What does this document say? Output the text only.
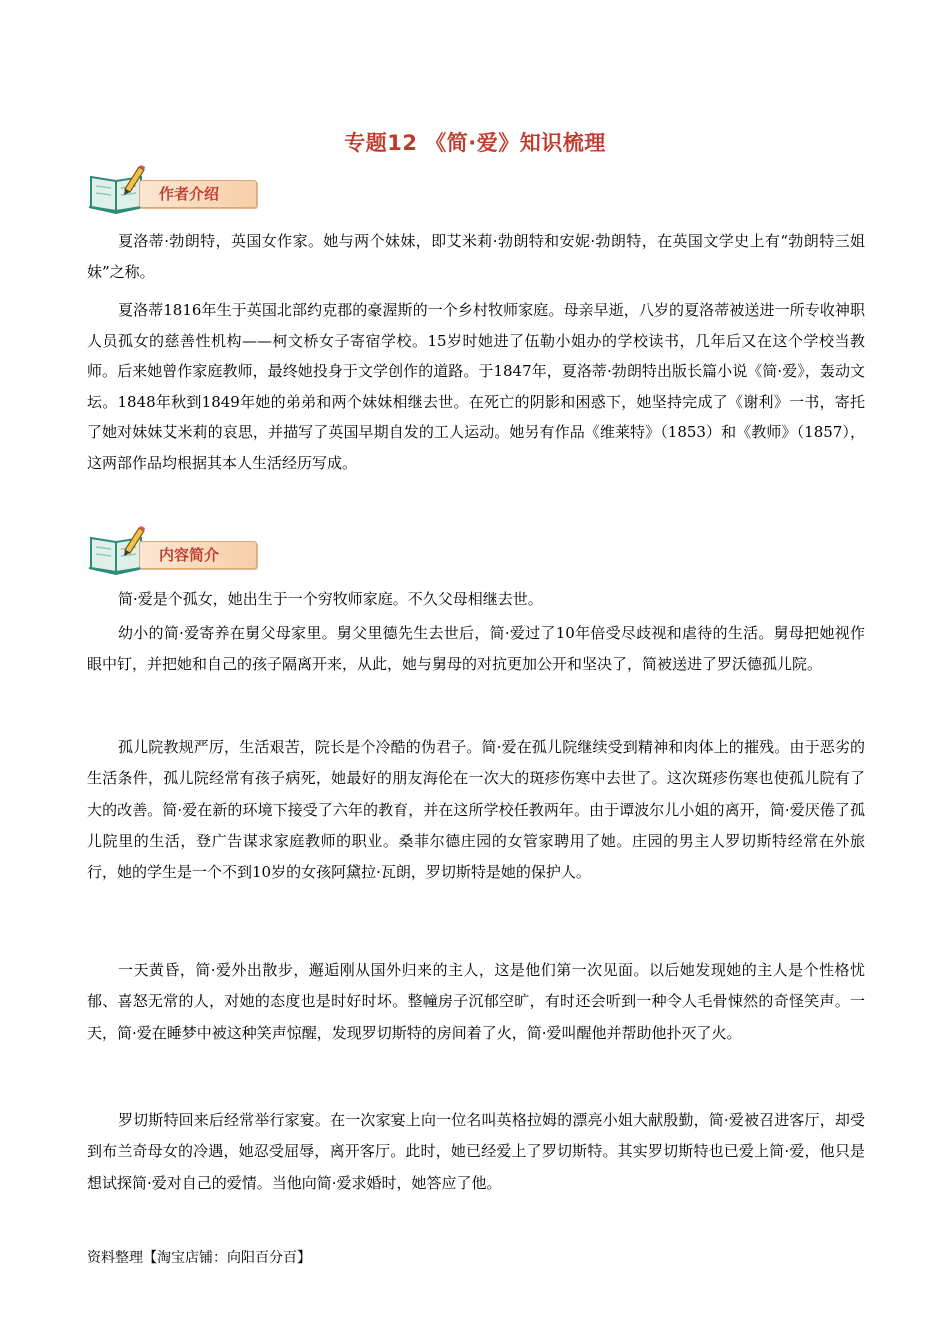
专题12 《简·爱》知识梳理
作者介绍

夏洛蒂·勃朗特，英国女作家。她与两个妹妹，即艾米莉·勃朗特和安妮·勃朗特，在英国文学史上有“勃朗特三姐妹”之称。

夏洛蒂1816年生于英国北部约克郡的豪渥斯的一个乡村牧师家庭。母亲早逝，八岁的夏洛蒂被送进一所专收神职人员孤女的慈善性机构——柯文桥女子寄宿学校。15岁时她进了伍勒小姐办的学校读书，几年后又在这个学校当教师。后来她曾作家庭教师，最终她投身于文学创作的道路。于1847年，夏洛蒂·勃朗特出版长篇小说《简·爱》，轰动文坛。1848年秋到1849年她的弟弟和两个妹妹相继去世。在死亡的阴影和困惑下，她坚持完成了《谢利》一书，寄托了她对妹妹艾米莉的哀思，并描写了英国早期自发的工人运动。她另有作品《维莱特》（1853）和《教师》（1857），这两部作品均根据其本人生活经历写成。

内容简介

简·爱是个孤女，她出生于一个穷牧师家庭。不久父母相继去世。

幼小的简·爱寄养在舅父母家里。舅父里德先生去世后，简·爱过了10年倍受尽歧视和虐待的生活。舅母把她视作眼中钉，并把她和自己的孩子隔离开来，从此，她与舅母的对抗更加公开和坚决了，简被送进了罗沃德孤儿院。

孤儿院教规严厉，生活艰苦，院长是个冷酷的伪君子。简·爱在孤儿院继续受到精神和肉体上的摧残。由于恶劣的生活条件，孤儿院经常有孩子病死，她最好的朋友海伦在一次大的斑疹伤寒中去世了。这次斑疹伤寒也使孤儿院有了大的改善。简·爱在新的环境下接受了六年的教育，并在这所学校任教两年。由于谭波尔儿小姐的离开，简·爱厌倦了孤儿院里的生活，登广告谋求家庭教师的职业。桑菲尔德庄园的女管家聘用了她。庄园的男主人罗切斯特经常在外旅行，她的学生是一个不到10岁的女孩阿黛拉·瓦朗，罗切斯特是她的保护人。

一天黄昏，简·爱外出散步，邂逅刚从国外归来的主人，这是他们第一次见面。以后她发现她的主人是个性格忧郁、喜怒无常的人，对她的态度也是时好时坏。整幢房子沉郁空旷，有时还会听到一种令人毛骨悚然的奇怪笑声。一天，简·爱在睡梦中被这种笑声惊醒，发现罗切斯特的房间着了火，简·爱叫醒他并帮助他扑灭了火。

罗切斯特回来后经常举行家宴。在一次家宴上向一位名叫英格拉姆的漂亮小姐大献殷勤，简·爱被召进客厅，却受到布兰奇母女的冷遇，她忍受屈辱，离开客厅。此时，她已经爱上了罗切斯特。其实罗切斯特也已爱上简·爱，他只是想试探简·爱对自己的爱情。当他向简·爱求婚时，她答应了他。

资料整理【淘宝店铺：向阳百分百】
